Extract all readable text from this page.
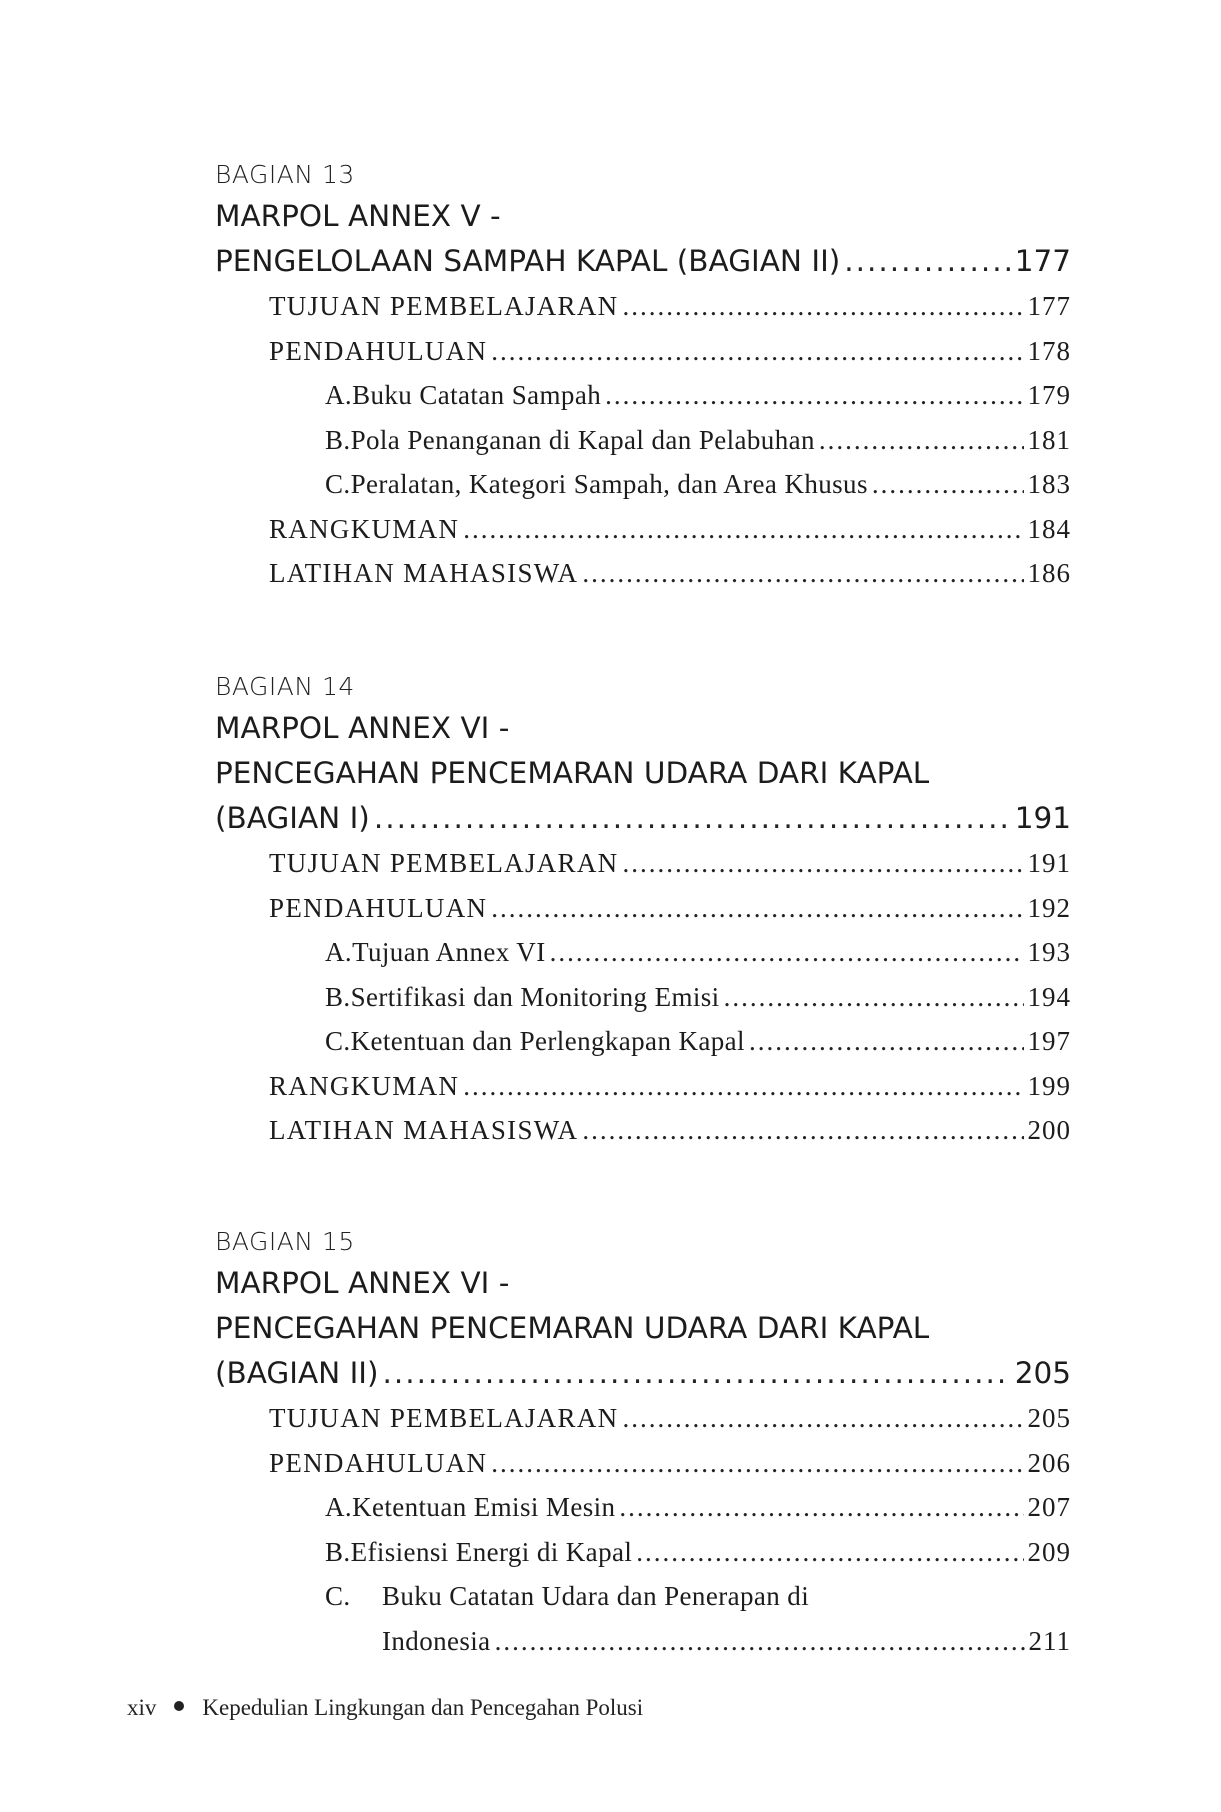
BAGIAN 13
MARPOL ANNEX V -
PENGELOLAAN SAMPAH KAPAL (BAGIAN II) .....	177
TUJUAN PEMBELAJARAN .....	177
PENDAHULUAN .....	178
A. Buku Catatan Sampah .....	179
B. Pola Penanganan di Kapal dan Pelabuhan .....	181
C. Peralatan, Kategori Sampah, dan Area Khusus .....	183
RANGKUMAN .....	184
LATIHAN MAHASISWA .....	186
BAGIAN 14
MARPOL ANNEX VI -
PENCEGAHAN PENCEMARAN UDARA DARI KAPAL
(BAGIAN I) .....	191
TUJUAN PEMBELAJARAN .....	191
PENDAHULUAN .....	192
A. Tujuan Annex VI .....	193
B. Sertifikasi dan Monitoring Emisi .....	194
C. Ketentuan dan Perlengkapan Kapal .....	197
RANGKUMAN .....	199
LATIHAN MAHASISWA .....	200
BAGIAN 15
MARPOL ANNEX VI -
PENCEGAHAN PENCEMARAN UDARA DARI KAPAL
(BAGIAN II) .....	205
TUJUAN PEMBELAJARAN .....	205
PENDAHULUAN .....	206
A. Ketentuan Emisi Mesin .....	207
B. Efisiensi Energi di Kapal .....	209
C.	Buku Catatan Udara dan Penerapan di
Indonesia .....	211
xiv Kepedulian Lingkungan dan Pencegahan Polusi
